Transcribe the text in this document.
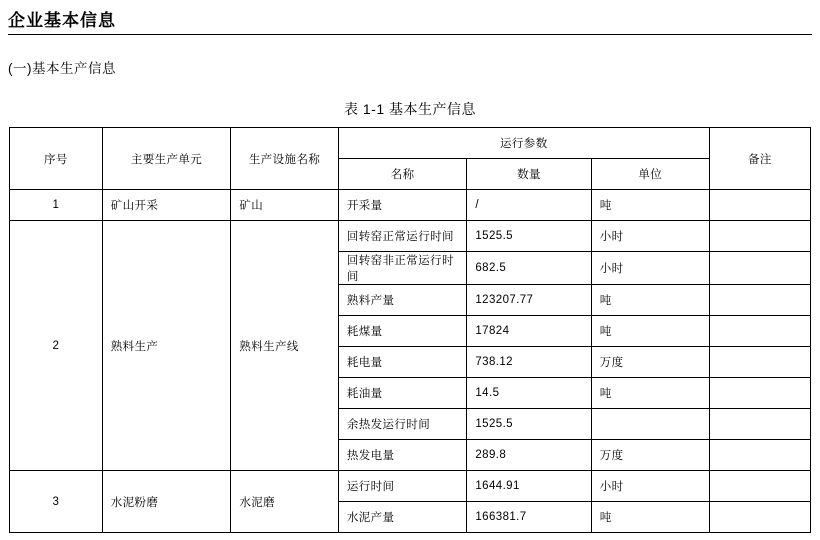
企业基本信息
(一)基本生产信息
表 1-1 基本生产信息
序号	主要生产单元	生产设施名称	运行参数			备注
			名称	数量	单位	
1	矿山开采	矿山	开采量	/	吨	
2	熟料生产	熟料生产线	回转窑正常运行时间	1525.5	小时	
			回转窑非正常运行时间	682.5	小时	
			熟料产量	123207.77	吨	
			耗煤量	17824	吨	
			耗电量	738.12	万度	
			耗油量	14.5	吨	
			余热发运行时间	1525.5		
			热发电量	289.8	万度	
3	水泥粉磨	水泥磨	运行时间	1644.91	小时	
			水泥产量	166381.7	吨	
